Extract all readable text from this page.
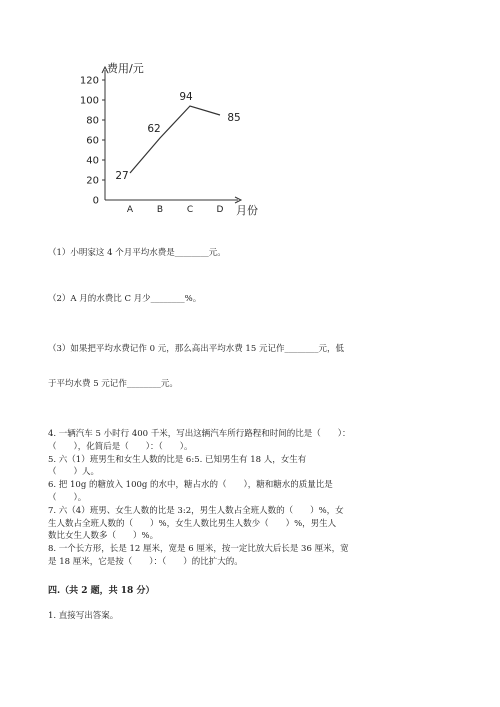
0
20
40
60
80
100
120
费用/元
月份
A	B	C	D
27
62
94
85
（1）小明家这 4 个月平均水费是________元。
（2）A 月的水费比 C 月少________%。
（3）如果把平均水费记作 0 元，那么高出平均水费 15 元记作________元，低
于平均水费 5 元记作________元。
4. 一辆汽车 5 小时行 400 千米，写出这辆汽车所行路程和时间的比是（　　）：
（　　），化简后是（　　）：（　　）。
5. 六（1）班男生和女生人数的比是 6:5. 已知男生有 18 人，女生有
（　　）人。
6. 把 10g 的糖放入 100g 的水中，糖占水的（　　），糖和糖水的质量比是
（　　）。
7. 六（4）班男、女生人数的比是 3:2，男生人数占全班人数的（　　）%，女
生人数占全班人数的（　　）%，女生人数比男生人数少（　　）%，男生人
数比女生人数多（　　）%。
8. 一个长方形，长是 12 厘米，宽是 6 厘米，按一定比放大后长是 36 厘米，宽
是 18 厘米，它是按（　　）：（　　）的比扩大的。
四.（共 2 题，共 18 分）
1. 直接写出答案。
